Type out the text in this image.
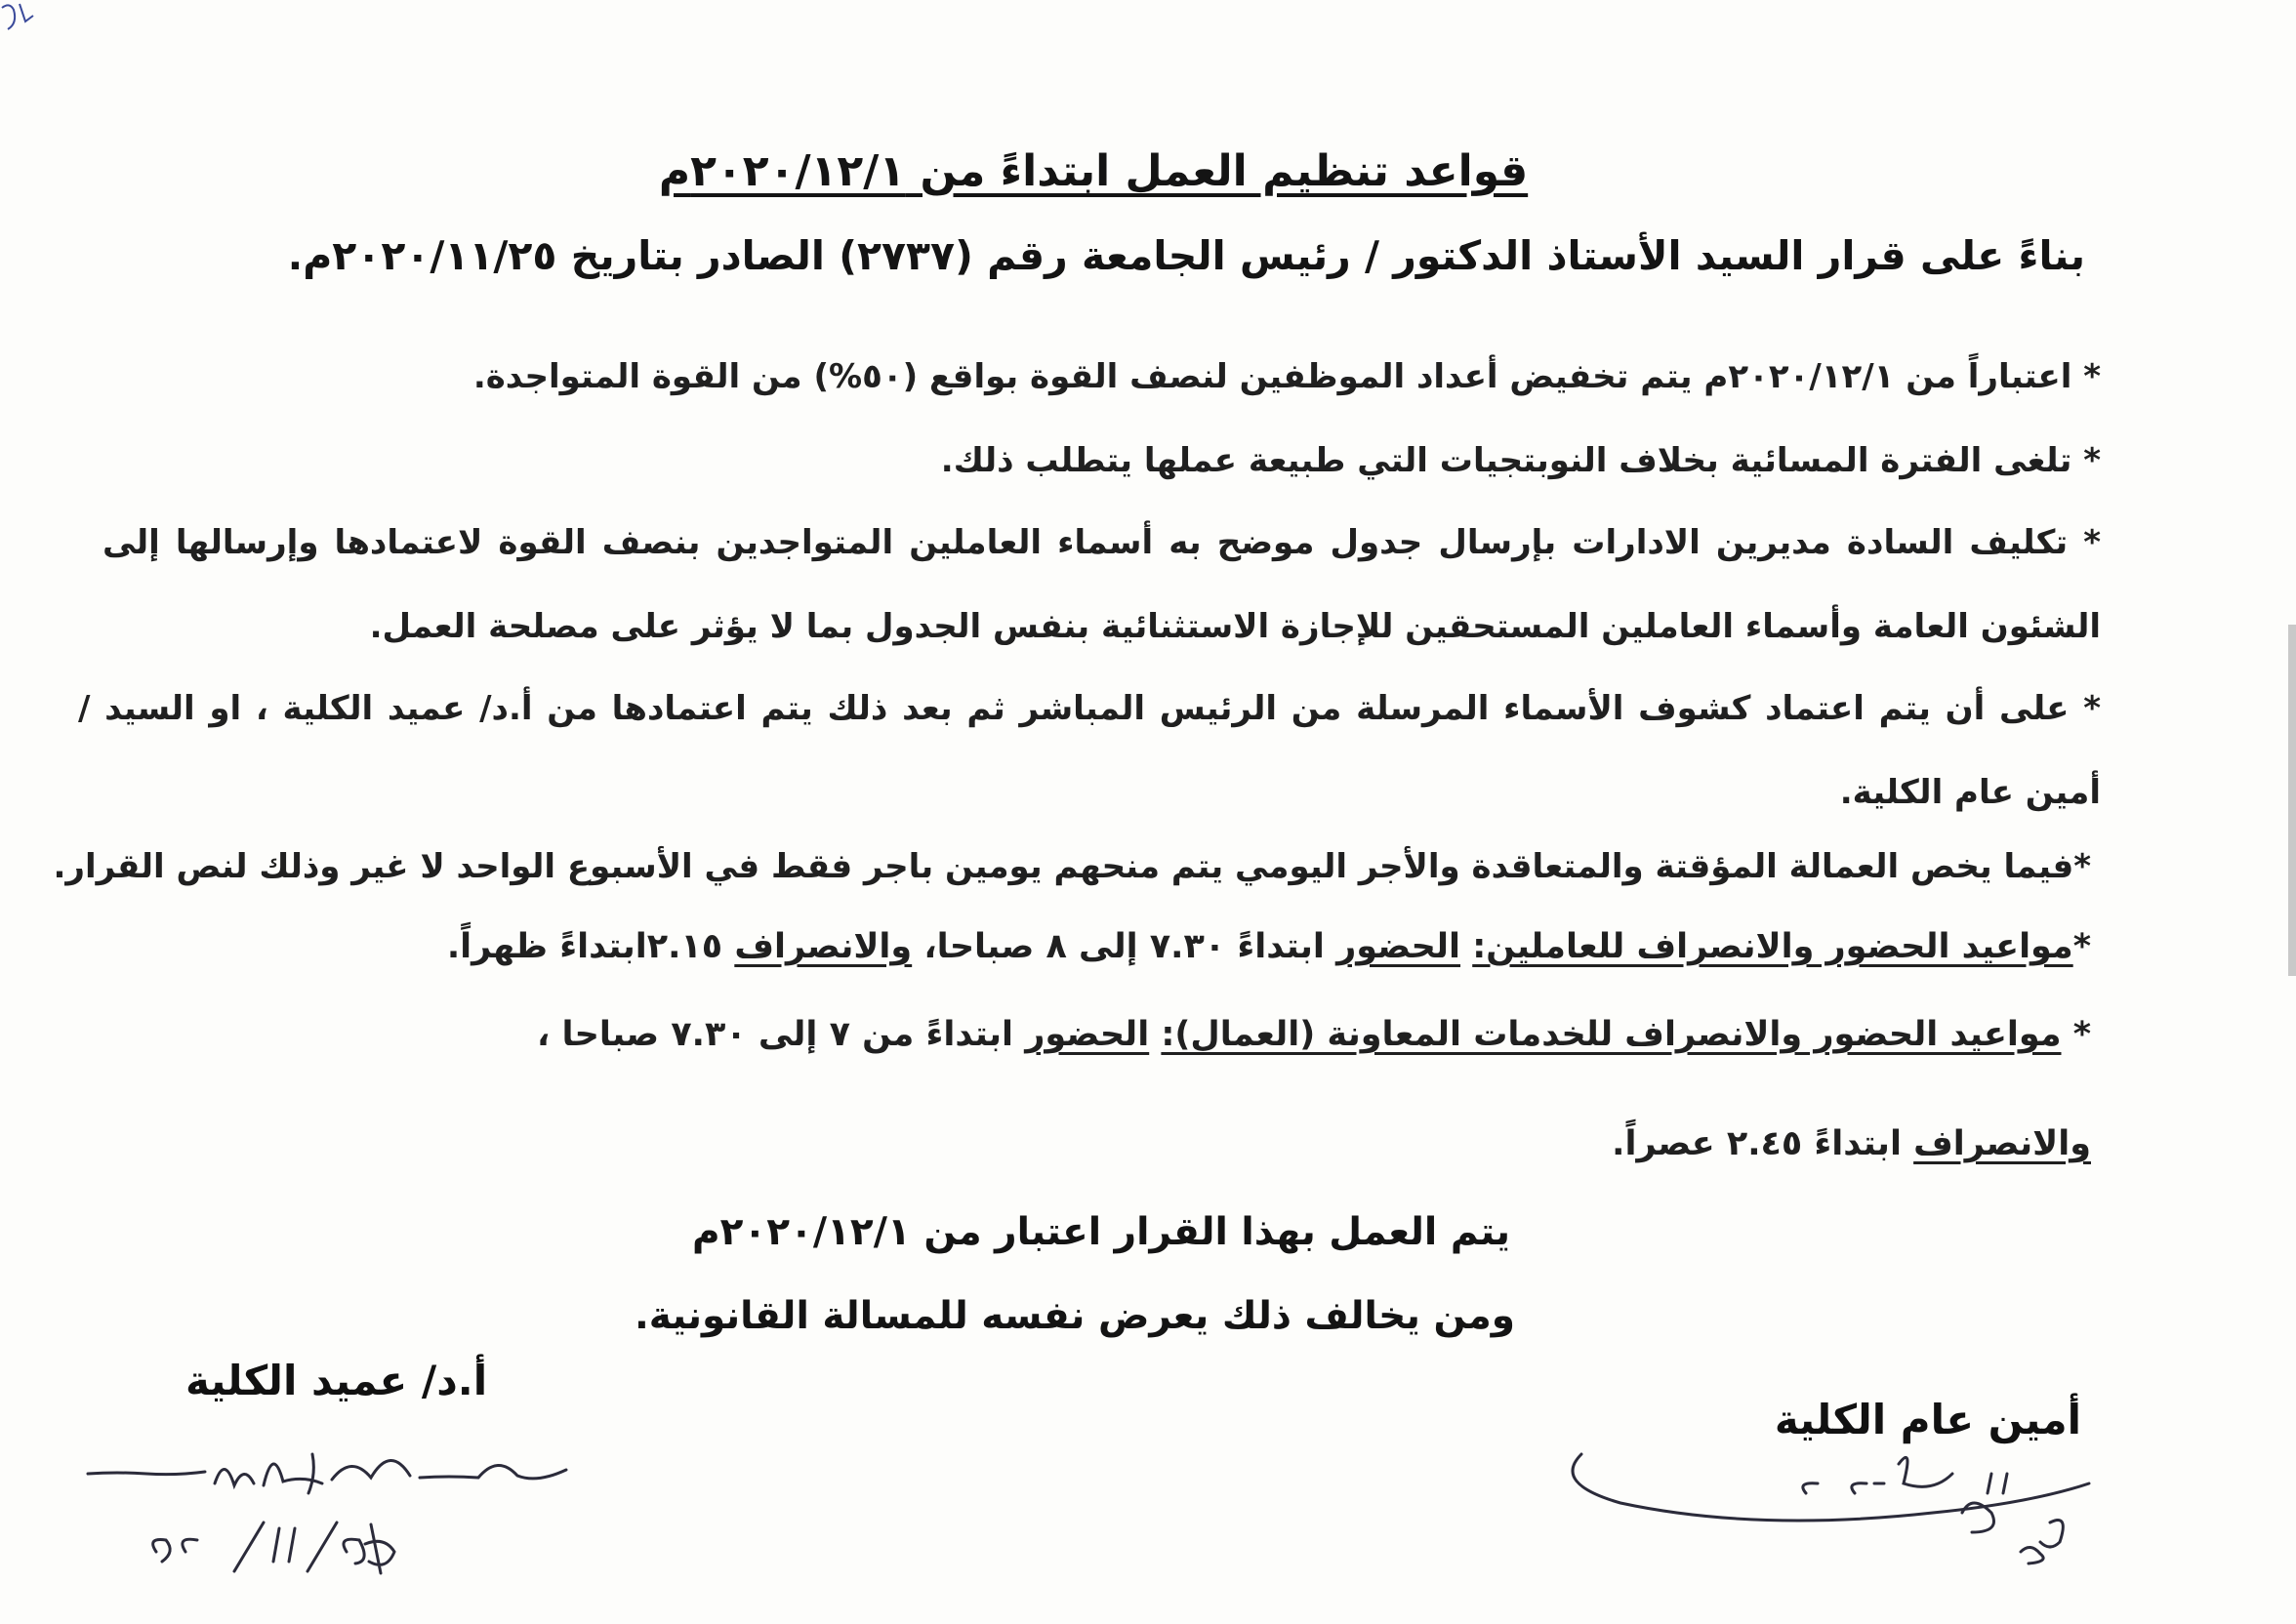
قواعد تنظيم العمل ابتداءً من ٢٠٢٠/١٢/١م
بناءً على قرار السيد الأستاذ الدكتور / رئيس الجامعة رقم (٢٧٣٧) الصادر بتاريخ ٢٠٢٠/١١/٢٥م.
* اعتباراً من ٢٠٢٠/١٢/١م يتم تخفيض أعداد الموظفين لنصف القوة بواقع (٥٠%) من القوة المتواجدة.
* تلغى الفترة المسائية بخلاف النوبتجيات التي طبيعة عملها يتطلب ذلك.
* تكليف السادة مديرين الادارات بإرسال جدول موضح به أسماء العاملين المتواجدين بنصف القوة لاعتمادها وإرسالها إلى
الشئون العامة وأسماء العاملين المستحقين للإجازة الاستثنائية بنفس الجدول بما لا يؤثر على مصلحة العمل.
* على أن يتم اعتماد كشوف الأسماء المرسلة من الرئيس المباشر ثم بعد ذلك يتم اعتمادها من أ.د/ عميد الكلية ، او السيد /
أمين عام الكلية.
*فيما يخص العمالة المؤقتة والمتعاقدة والأجر اليومي يتم منحهم يومين باجر فقط في الأسبوع الواحد لا غير وذلك لنص القرار.
*مواعيد الحضور والانصراف للعاملين: الحضور ابتداءً ٧.٣٠ إلى ٨ صباحا، والانصراف ٢.١٥ابتداءً ظهراً.
* مواعيد الحضور والانصراف للخدمات المعاونة (العمال): الحضور ابتداءً من ٧ إلى ٧.٣٠ صباحا ،
والانصراف ابتداءً ٢.٤٥ عصراً.
يتم العمل بهذا القرار اعتبار من ٢٠٢٠/١٢/١م
ومن يخالف ذلك يعرض نفسه للمسالة القانونية.
أ.د/ عميد الكلية
أمين عام الكلية
